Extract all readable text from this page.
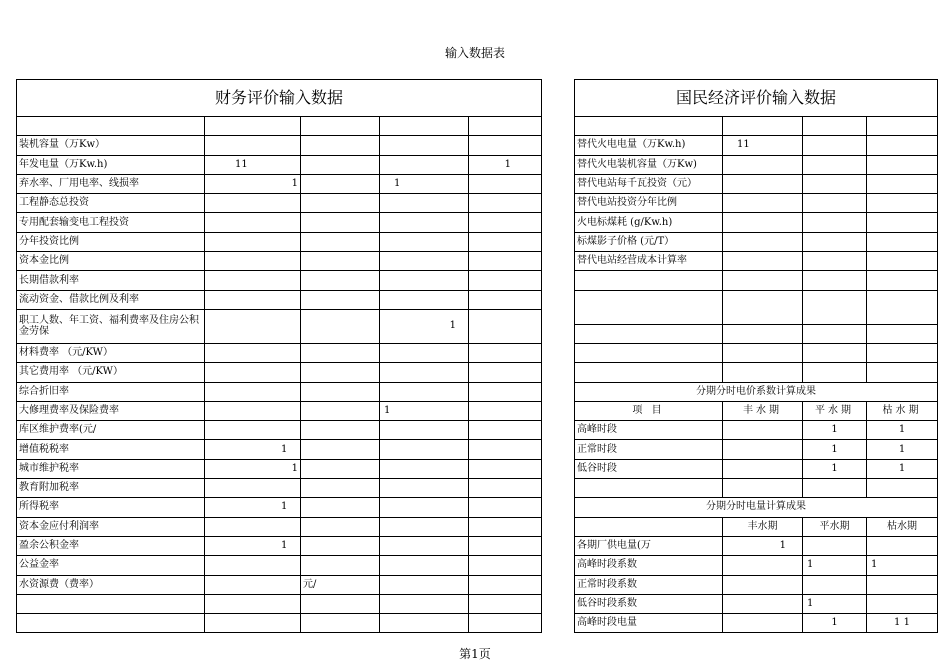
输入数据表
财务评价输入数据				

装机容量（万Kw）				
年发电量（万Kw.h)	11			1
弃水率、厂用电率、线损率	1		1	
工程静态总投资				
专用配套输变电工程投资				
分年投资比例				
资本金比例				
长期借款利率				
流动资金、借款比例及利率				
职工人数、年工资、福利费率及住房公积金劳保			1	
材料费率 （元/KW）				
其它费用率 （元/KW）				
综合折旧率				
大修理费率及保险费率			1	
库区维护费率(元/				
增值税税率	1			
城市维护税率	1			
教育附加税率				
所得税率	1			
资本金应付利润率				
盈余公积金率	1			
公益金率				
水资源费（费率）		元/		

国民经济评价输入数据			

替代火电电量（万Kw.h)	11		
替代火电装机容量（万Kw)			
替代电站每千瓦投资（元）			
替代电站投资分年比例			
火电标煤耗 (g/Kw.h)			
标煤影子价格 (元/T）			
替代电站经营成本计算率			

分期分时电价系数计算成果			
项 目	丰水期	平水期	枯水期
高峰时段		1	1
正常时段		1	1
低谷时段		1	1

分期分时电量计算成果			
	丰水期	平水期	枯水期
各期厂供电量(万	1		
高峰时段系数		1	1
正常时段系数			
低谷时段系数		1	
高峰时段电量		1	1 1
第1页
